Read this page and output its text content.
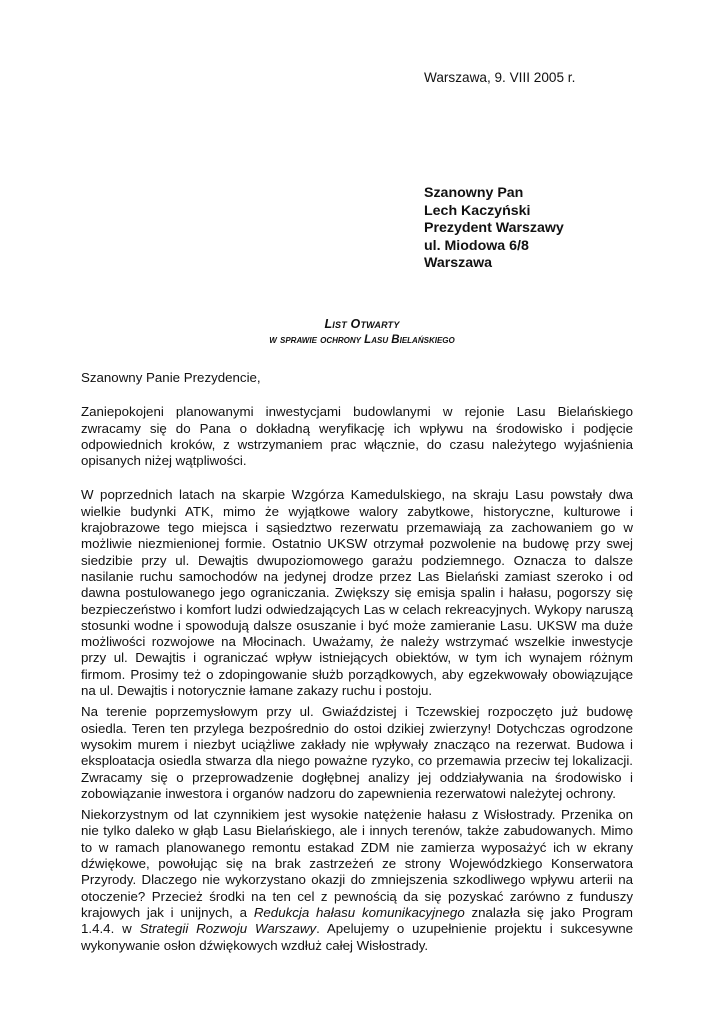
Warszawa, 9. VIII 2005 r.
Szanowny Pan
Lech Kaczyński
Prezydent Warszawy
ul. Miodowa 6/8
Warszawa
List Otwarty
w sprawie ochrony Lasu Bielańskiego

Szanowny Panie Prezydencie,

Zaniepokojeni planowanymi inwestycjami budowlanymi w rejonie Lasu Bielańskiego zwracamy się do Pana o dokładną weryfikację ich wpływu na środowisko i podjęcie odpowiednich kroków, z wstrzymaniem prac włącznie, do czasu należytego wyjaśnienia opisanych niżej wątpliwości.

W poprzednich latach na skarpie Wzgórza Kamedulskiego, na skraju Lasu powstały dwa wielkie budynki ATK, mimo że wyjątkowe walory zabytkowe, historyczne, kulturowe i krajobrazowe tego miejsca i sąsiedztwo rezerwatu przemawiają za zachowaniem go w możliwie niezmienionej formie. Ostatnio UKSW otrzymał pozwolenie na budowę przy swej siedzibie przy ul. Dewajtis dwupoziomowego garażu podziemnego. Oznacza to dalsze nasilanie ruchu samochodów na jedynej drodze przez Las Bielański zamiast szeroko i od dawna postulowanego jego ograniczania. Zwiększy się emisja spalin i hałasu, pogorszy się bezpieczeństwo i komfort ludzi odwiedzających Las w celach rekreacyjnych. Wykopy naruszą stosunki wodne i spowodują dalsze osuszanie i być może zamieranie Lasu. UKSW ma duże możliwości rozwojowe na Młocinach. Uważamy, że należy wstrzymać wszelkie inwestycje przy ul. Dewajtis i ograniczać wpływ istniejących obiektów, w tym ich wynajem różnym firmom. Prosimy też o zdopingowanie służb porządkowych, aby egzekwowały obowiązujące na ul. Dewajtis i notorycznie łamane zakazy ruchu i postoju.

Na terenie poprzemysłowym przy ul. Gwiaździstej i Tczewskiej rozpoczęto już budowę osiedla. Teren ten przylega bezpośrednio do ostoi dzikiej zwierzyny! Dotychczas ogrodzone wysokim murem i niezbyt uciążliwe zakłady nie wpływały znacząco na rezerwat. Budowa i eksploatacja osiedla stwarza dla niego poważne ryzyko, co przemawia przeciw tej lokalizacji. Zwracamy się o przeprowadzenie dogłębnej analizy jej oddziaływania na środowisko i zobowiązanie inwestora i organów nadzoru do zapewnienia rezerwatowi należytej ochrony.

Niekorzystnym od lat czynnikiem jest wysokie natężenie hałasu z Wisłostrady. Przenika on nie tylko daleko w głąb Lasu Bielańskiego, ale i innych terenów, także zabudowanych. Mimo to w ramach planowanego remontu estakad ZDM nie zamierza wyposażyć ich w ekrany dźwiękowe, powołując się na brak zastrzeżeń ze strony Wojewódzkiego Konserwatora Przyrody. Dlaczego nie wykorzystano okazji do zmniejszenia szkodliwego wpływu arterii na otoczenie? Przecież środki na ten cel z pewnością da się pozyskać zarówno z funduszy krajowych jak i unijnych, a Redukcja hałasu komunikacyjnego znalazła się jako Program 1.4.4. w Strategii Rozwoju Warszawy. Apelujemy o uzupełnienie projektu i sukcesywne wykonywanie osłon dźwiękowych wzdłuż całej Wisłostrady.
